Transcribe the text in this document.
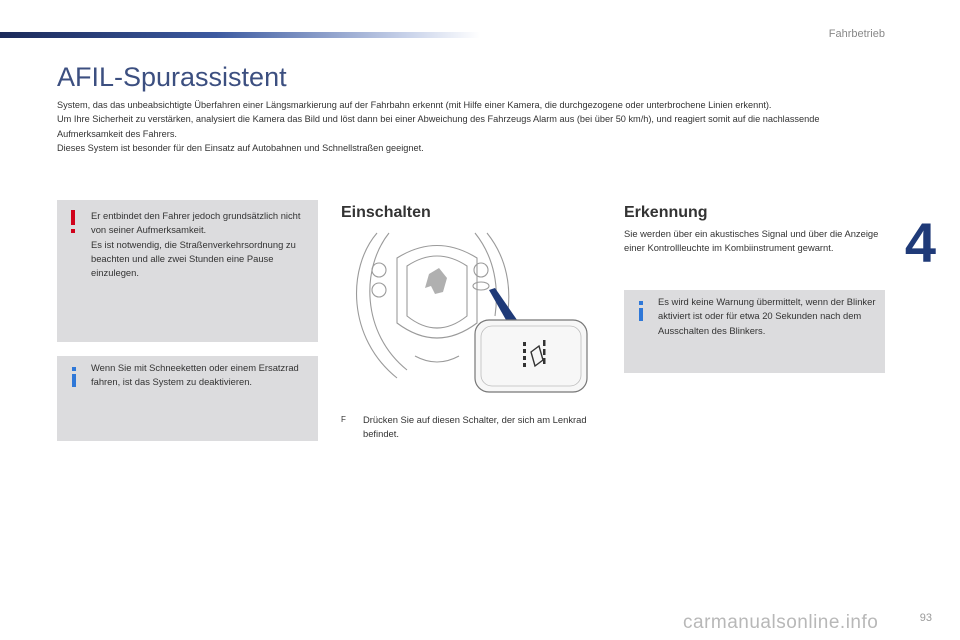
Fahrbetrieb
4
AFIL-Spurassistent

System, das das unbeabsichtigte Überfahren einer Längsmarkierung auf der Fahrbahn erkennt (mit Hilfe einer Kamera, die durchgezogene oder unterbrochene Linien erkennt).

Um Ihre Sicherheit zu verstärken, analysiert die Kamera das Bild und löst dann bei einer Abweichung des Fahrzeugs Alarm aus (bei über 50 km/h), und reagiert somit auf die nachlassende Aufmerksamkeit des Fahrers.

Dieses System ist besonder für den Einsatz auf Autobahnen und Schnellstraßen geeignet.

Er entbindet den Fahrer jedoch grundsätzlich nicht von seiner Aufmerksamkeit.

Es ist notwendig, die Straßenverkehrsordnung zu beachten und alle zwei Stunden eine Pause einzulegen.

Wenn Sie mit Schneeketten oder einem Ersatzrad fahren, ist das System zu deaktivieren.

Einschalten
F Drücken Sie auf diesen Schalter, der sich am Lenkrad befindet.
Erkennung
Sie werden über ein akustisches Signal und über die Anzeige einer Kontrollleuchte im Kombiinstrument gewarnt.

Es wird keine Warnung übermittelt, wenn der Blinker aktiviert ist oder für etwa 20 Sekunden nach dem Ausschalten des Blinkers.

carmanualsonline.info	93
